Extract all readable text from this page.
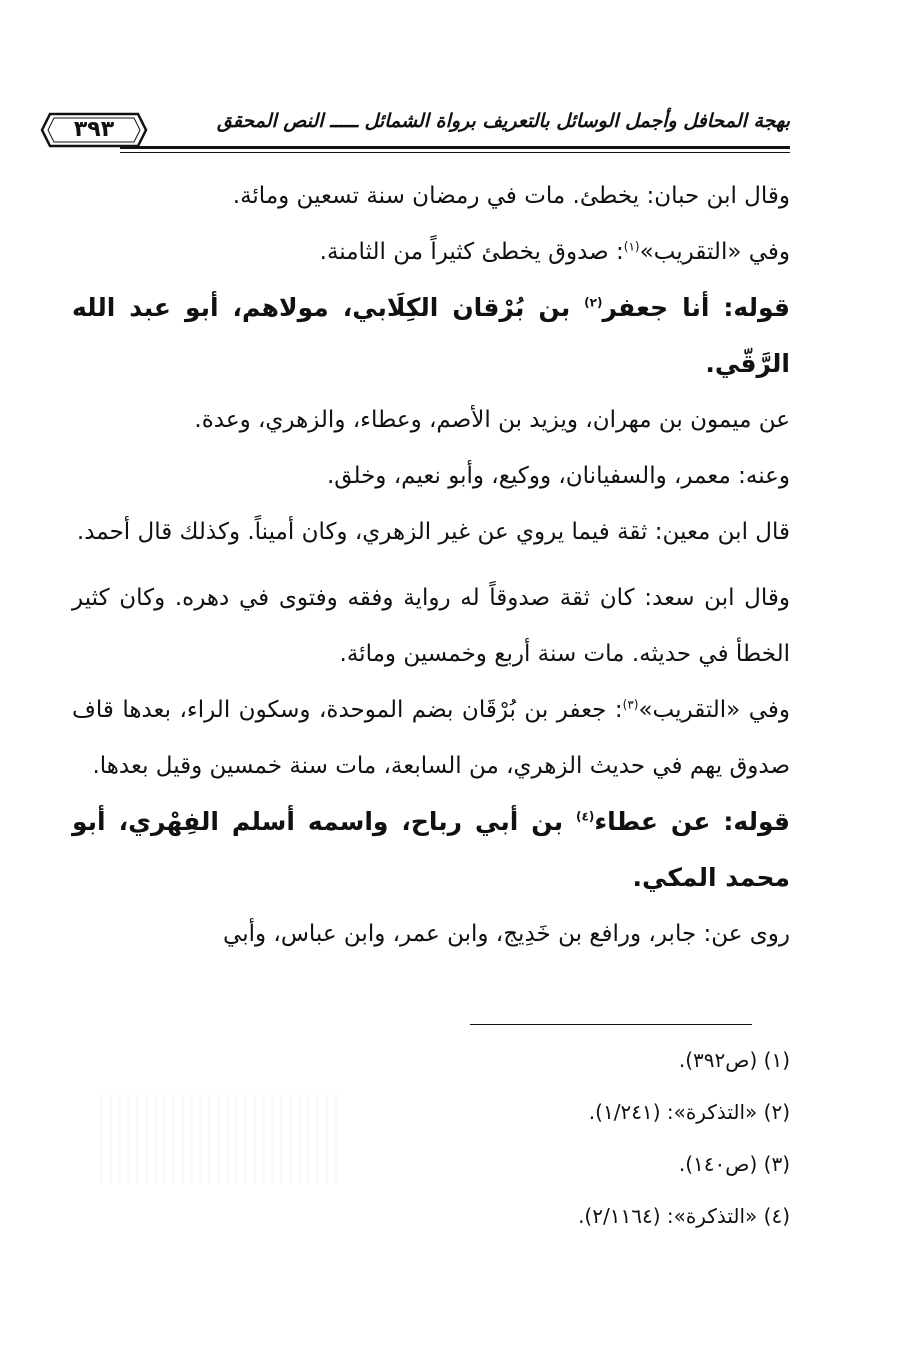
٣٩٣	بهجة المحافل وأجمل الوسائل بالتعريف برواة الشمائل ـــــ النص المحقق

وقال ابن حبان: يخطئ. مات في رمضان سنة تسعين ومائة.

وفي «التقريب»$^{(١)}$: صدوق يخطئ كثيراً من الثامنة.

قوله: أنا جعفر$^{(٢)}$ بن بُرْقان الكِلَابي، مولاهم، أبو عبد الله الرَّقّي.

عن ميمون بن مهران، ويزيد بن الأصم، وعطاء، والزهري، وعدة.

وعنه: معمر، والسفيانان، ووكيع، وأبو نعيم، وخلق.

قال ابن معين: ثقة فيما يروي عن غير الزهري، وكان أميناً. وكذلك قال أحمد.

وقال ابن سعد: كان ثقة صدوقاً له رواية وفقه وفتوى في دهره. وكان كثير الخطأ في حديثه. مات سنة أربع وخمسين ومائة.

وفي «التقريب»$^{(٣)}$: جعفر بن بُرْقَان بضم الموحدة، وسكون الراء، بعدها قاف صدوق يهم في حديث الزهري، من السابعة، مات سنة خمسين وقيل بعدها.

قوله: عن عطاء$^{(٤)}$ بن أبي رباح، واسمه أسلم الفِهْري، أبو محمد المكي.

روى عن: جابر، ورافع بن خَدِيج، وابن عمر، وابن عباس، وأبي

(١) (ص٣٩٢).
(٢) «التذكرة»: (١/٢٤١).
(٣) (ص١٤٠).
(٤) «التذكرة»: (٢/١١٦٤).
